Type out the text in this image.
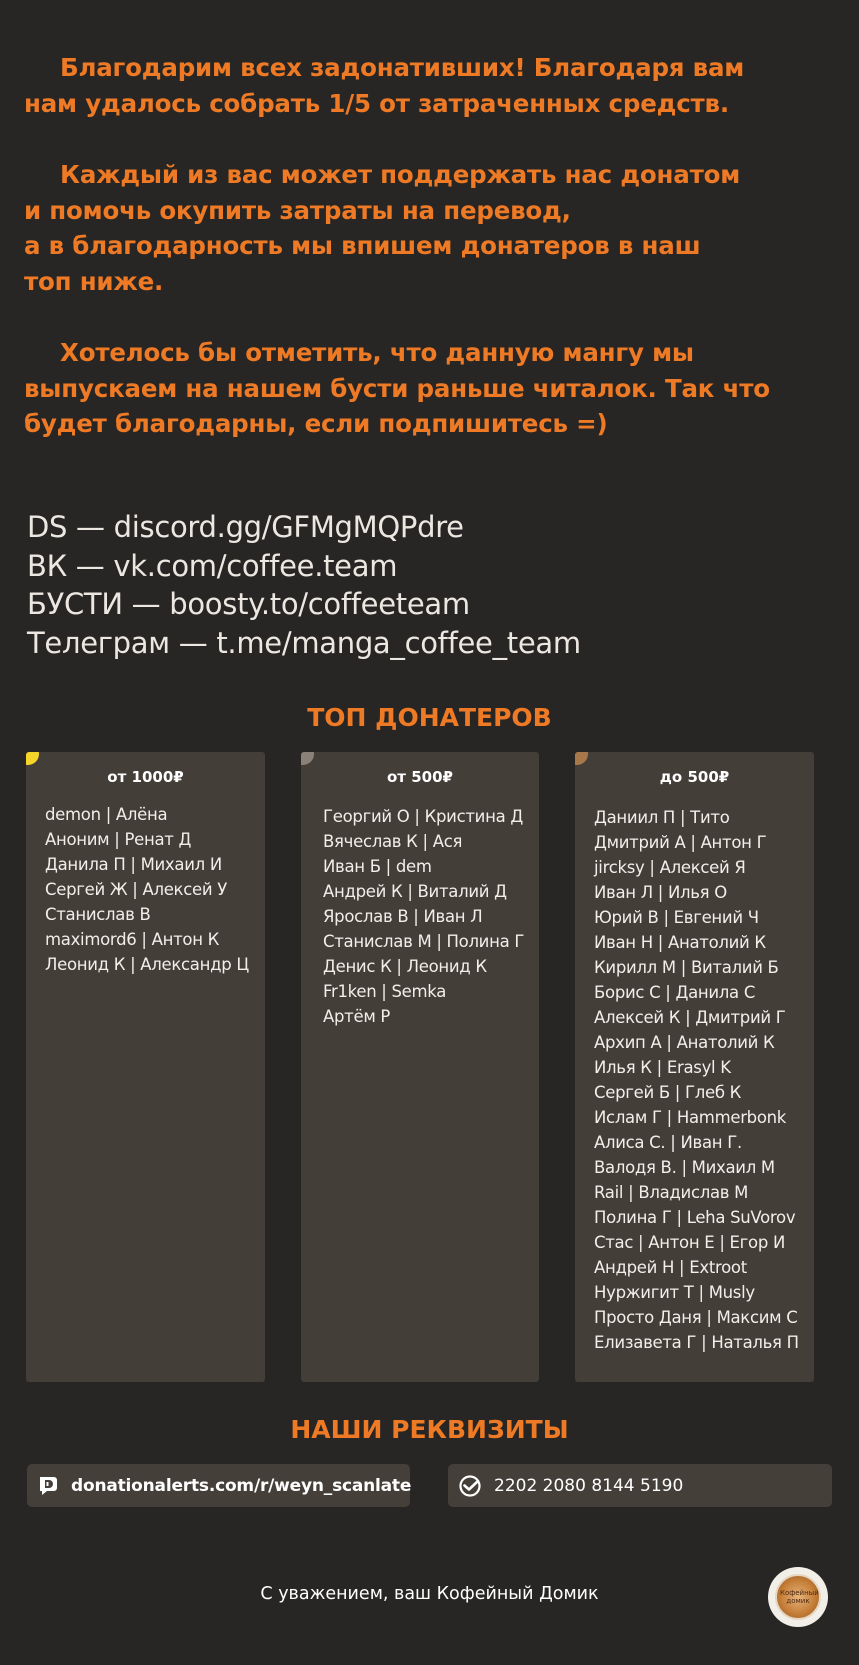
Благодарим всех задонативших! Благодаря вам
нам удалось собрать 1/5 от затраченных средств.

Каждый из вас может поддержать нас донатом
и помочь окупить затраты на перевод,
а в благодарность мы впишем донатеров в наш
топ ниже.

Хотелось бы отметить, что данную мангу мы
выпускаем на нашем бусти раньше читалок. Так что
будет благодарны, если подпишитесь =)

DS — discord.gg/GFMgMQPdre
ВК — vk.com/coffee.team
БУСТИ — boosty.to/coffeeteam
Телеграм — t.me/manga_coffee_team
ТОП ДОНАТЕРОВ
от 1000₽
demon | Алёна
Аноним | Ренат Д
Данила П | Михаил И
Сергей Ж | Алексей У
Станислав В
maximord6 | Антон К
Леонид К | Александр Ц
от 500₽
Георгий О | Кристина Д
Вячеслав К | Ася
Иван Б | dem
Андрей К | Виталий Д
Ярослав В | Иван Л
Станислав М | Полина Г
Денис К | Леонид К
Fr1ken | Semka
Артём Р
до 500₽
Даниил П | Тито
Дмитрий А | Антон Г
jircksy | Алексей Я
Иван Л | Илья О
Юрий В | Евгений Ч
Иван Н | Анатолий К
Кирилл М | Виталий Б
Борис С | Данила С
Алексей К | Дмитрий Г
Архип А | Анатолий К
Илья К | Erasyl K
Сергей Б | Глеб К
Ислам Г | Hammerbonk
Алиса С. | Иван Г.
Валодя В. | Михаил М
Rail | Владислав М
Полина Г | Leha SuVorov
Стас | Антон Е | Егор И
Андрей Н | Extroot
Нуржигит Т | Musly
Просто Даня | Максим С
Елизавета Г | Наталья П
НАШИ РЕКВИЗИТЫ
donationalerts.com/r/weyn_scanlate	2202 2080 8144 5190
С уважением, ваш Кофейный Домик	Кофейный домик
